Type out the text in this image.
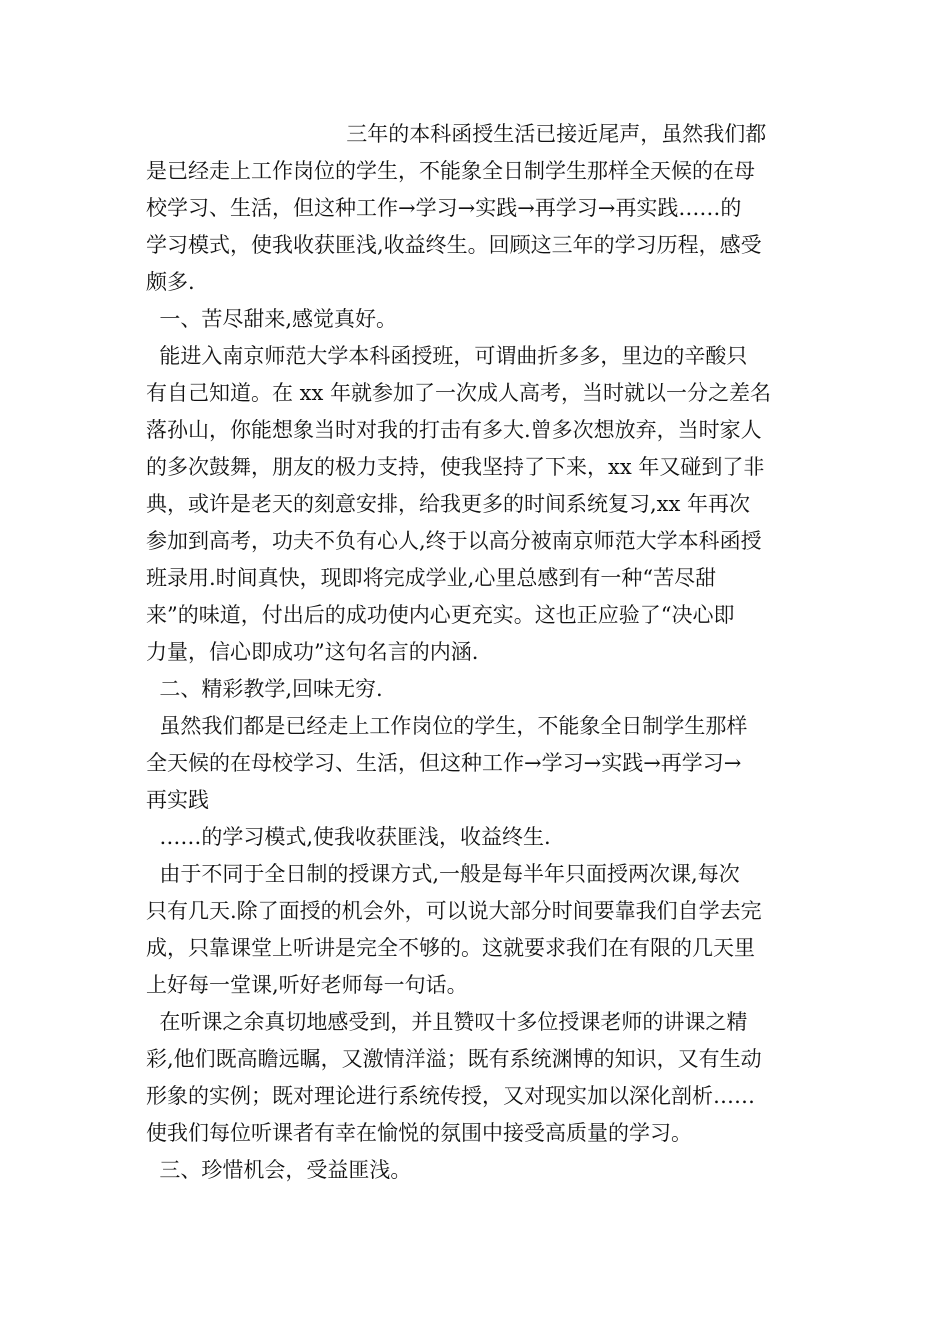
三年的本科函授生活已接近尾声，虽然我们都
是已经走上工作岗位的学生，不能象全日制学生那样全天候的在母
校学习、生活，但这种工作→学习→实践→再学习→再实践……的
学习模式，使我收获匪浅,收益终生。回顾这三年的学习历程，感受
颇多.
一、苦尽甜来,感觉真好。
能进入南京师范大学本科函授班，可谓曲折多多，里边的辛酸只
有自己知道。在 xx 年就参加了一次成人高考，当时就以一分之差名
落孙山，你能想象当时对我的打击有多大.曾多次想放弃，当时家人
的多次鼓舞，朋友的极力支持，使我坚持了下来，xx 年又碰到了非
典，或许是老天的刻意安排，给我更多的时间系统复习,xx 年再次
参加到高考，功夫不负有心人,终于以高分被南京师范大学本科函授
班录用.时间真快，现即将完成学业,心里总感到有一种“苦尽甜
来”的味道，付出后的成功使内心更充实。这也正应验了“决心即
力量，信心即成功”这句名言的内涵.
二、精彩教学,回味无穷.
虽然我们都是已经走上工作岗位的学生，不能象全日制学生那样
全天候的在母校学习、生活，但这种工作→学习→实践→再学习→
再实践
……的学习模式,使我收获匪浅，收益终生.
由于不同于全日制的授课方式,一般是每半年只面授两次课,每次
只有几天.除了面授的机会外，可以说大部分时间要靠我们自学去完
成，只靠课堂上听讲是完全不够的。这就要求我们在有限的几天里
上好每一堂课,听好老师每一句话。
在听课之余真切地感受到，并且赞叹十多位授课老师的讲课之精
彩,他们既高瞻远瞩，又激情洋溢；既有系统渊博的知识，又有生动
形象的实例；既对理论进行系统传授，又对现实加以深化剖析……
使我们每位听课者有幸在愉悦的氛围中接受高质量的学习。
三、珍惜机会，受益匪浅。
